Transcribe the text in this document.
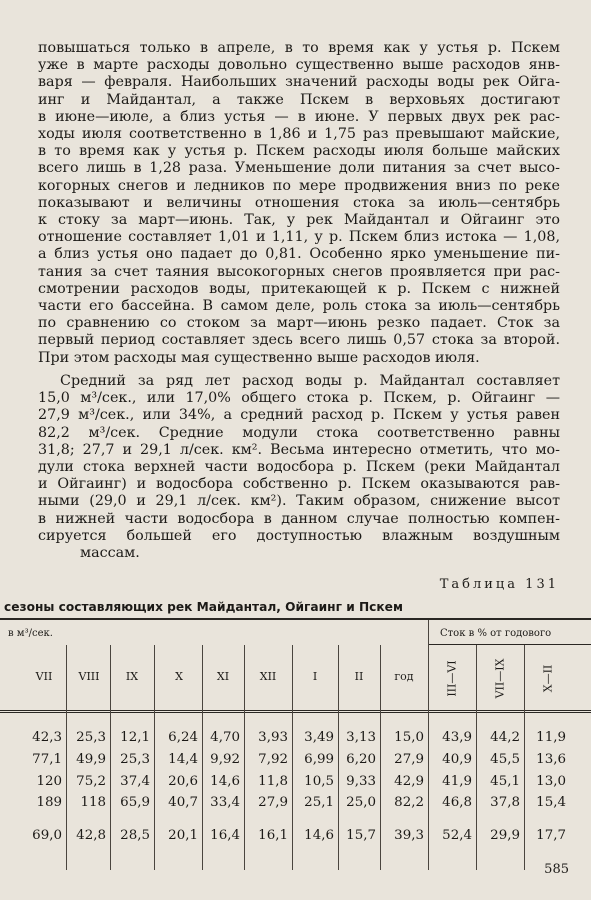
повышаться только в апреле, в то время как у устья р. Пскем
уже в марте расходы довольно существенно выше расходов янв-
варя — февраля. Наибольших значений расходы воды рек Ойга-
инг и Майдантал, а также Пскем в верховьях достигают
в июне—июле, а близ устья — в июне. У первых двух рек рас-
ходы июля соответственно в 1,86 и 1,75 раз превышают майские,
в то время как у устья р. Пскем расходы июля больше майских
всего лишь в 1,28 раза. Уменьшение доли питания за счет высо-
когорных снегов и ледников по мере продвижения вниз по реке
показывают и величины отношения стока за июль—сентябрь
к стоку за март—июнь. Так, у рек Майдантал и Ойгаинг это
отношение составляет 1,01 и 1,11, у р. Пскем близ истока — 1,08,
а близ устья оно падает до 0,81. Особенно ярко уменьшение пи-
тания за счет таяния высокогорных снегов проявляется при рас-
смотрении расходов воды, притекающей к р. Пскем с нижней
части его бассейна. В самом деле, роль стока за июль—сентябрь
по сравнению со стоком за март—июнь резко падает. Сток за
первый период составляет здесь всего лишь 0,57 стока за второй.
При этом расходы мая существенно выше расходов июля.
Средний за ряд лет расход воды р. Майдантал составляет
15,0 м³/сек., или 17,0% общего стока р. Пскем, р. Ойгаинг —
27,9 м³/сек., или 34%, а средний расход р. Пскем у устья равен
82,2 м³/сек. Средние модули стока соответственно равны
31,8; 27,7 и 29,1 л/сек. км². Весьма интересно отметить, что мо-
дули стока верхней части водосбора р. Пскем (реки Майдантал
и Ойгаинг) и водосбора собственно р. Пскем оказываются рав-
ными (29,0 и 29,1 л/сек. км²). Таким образом, снижение высот
в нижней части водосбора в данном случае полностью компен-
сируется большей его доступностью влажным воздушным
массам.
Таблица 131
сезоны составляющих рек Майдантал, Ойгаинг и Пскем
в м³/сек.	Сток в % от годового
VII	VIII	IX	X	XI	XII	I	II	год	III—VI	VII—IX	X—II
42,3 25,3 12,1 6,24 4,70 3,93 3,49 3,13 15,0 43,9 44,2 11,9
77,1 49,9 25,3 14,4 9,92 7,92 6,99 6,20 27,9 40,9 45,5 13,6
120 75,2 37,4 20,6 14,6 11,8 10,5 9,33 42,9 41,9 45,1 13,0
189 118 65,9 40,7 33,4 27,9 25,1 25,0 82,2 46,8 37,8 15,4
69,0 42,8 28,5 20,1 16,4 16,1 14,6 15,7 39,3 52,4 29,9 17,7
585
